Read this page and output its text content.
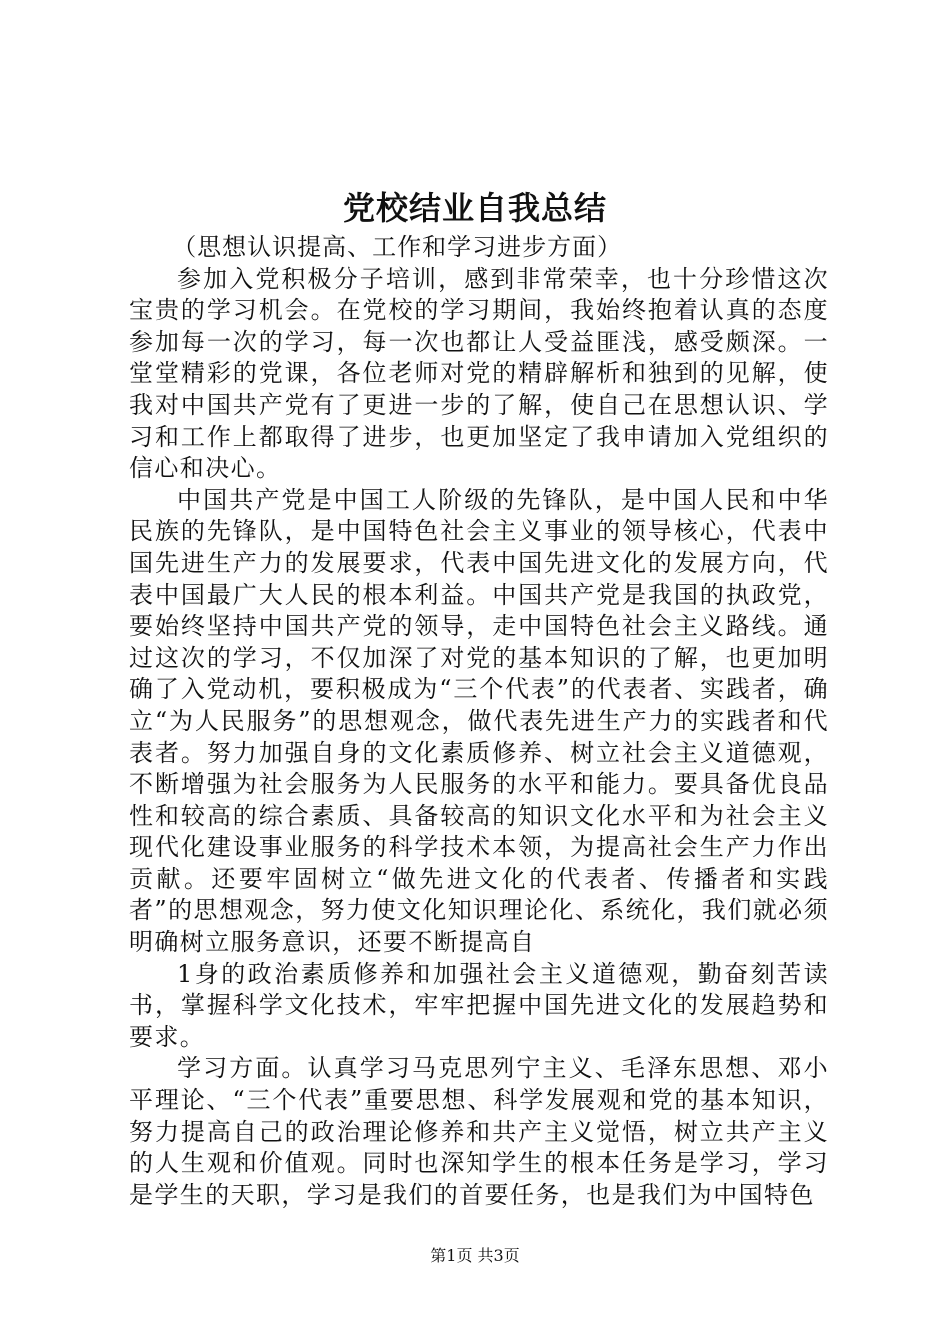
党校结业自我总结

（思想认识提高、工作和学习进步方面）

参加入党积极分子培训，感到非常荣幸，也十分珍惜这次宝贵的学习机会。在党校的学习期间，我始终抱着认真的态度参加每一次的学习，每一次也都让人受益匪浅，感受颇深。一堂堂精彩的党课，各位老师对党的精辟解析和独到的见解，使我对中国共产党有了更进一步的了解，使自己在思想认识、学习和工作上都取得了进步，也更加坚定了我申请加入党组织的信心和决心。

中国共产党是中国工人阶级的先锋队，是中国人民和中华民族的先锋队，是中国特色社会主义事业的领导核心，代表中国先进生产力的发展要求，代表中国先进文化的发展方向，代表中国最广大人民的根本利益。中国共产党是我国的执政党，要始终坚持中国共产党的领导，走中国特色社会主义路线。通过这次的学习，不仅加深了对党的基本知识的了解，也更加明确了入党动机，要积极成为“三个代表”的代表者、实践者，确立“为人民服务”的思想观念，做代表先进生产力的实践者和代表者。努力加强自身的文化素质修养、树立社会主义道德观，不断增强为社会服务为人民服务的水平和能力。要具备优良品性和较高的综合素质、具备较高的知识文化水平和为社会主义现代化建设事业服务的科学技术本领，为提高社会生产力作出贡献。还要牢固树立“做先进文化的代表者、传播者和实践者”的思想观念，努力使文化知识理论化、系统化，我们就必须明确树立服务意识，还要不断提高自

1身的政治素质修养和加强社会主义道德观，勤奋刻苦读书，掌握科学文化技术，牢牢把握中国先进文化的发展趋势和要求。

学习方面。认真学习马克思列宁主义、毛泽东思想、邓小平理论、“三个代表”重要思想、科学发展观和党的基本知识，努力提高自己的政治理论修养和共产主义觉悟，树立共产主义的人生观和价值观。同时也深知学生的根本任务是学习，学习是学生的天职，学习是我们的首要任务，也是我们为中国特色

第1页 共3页
